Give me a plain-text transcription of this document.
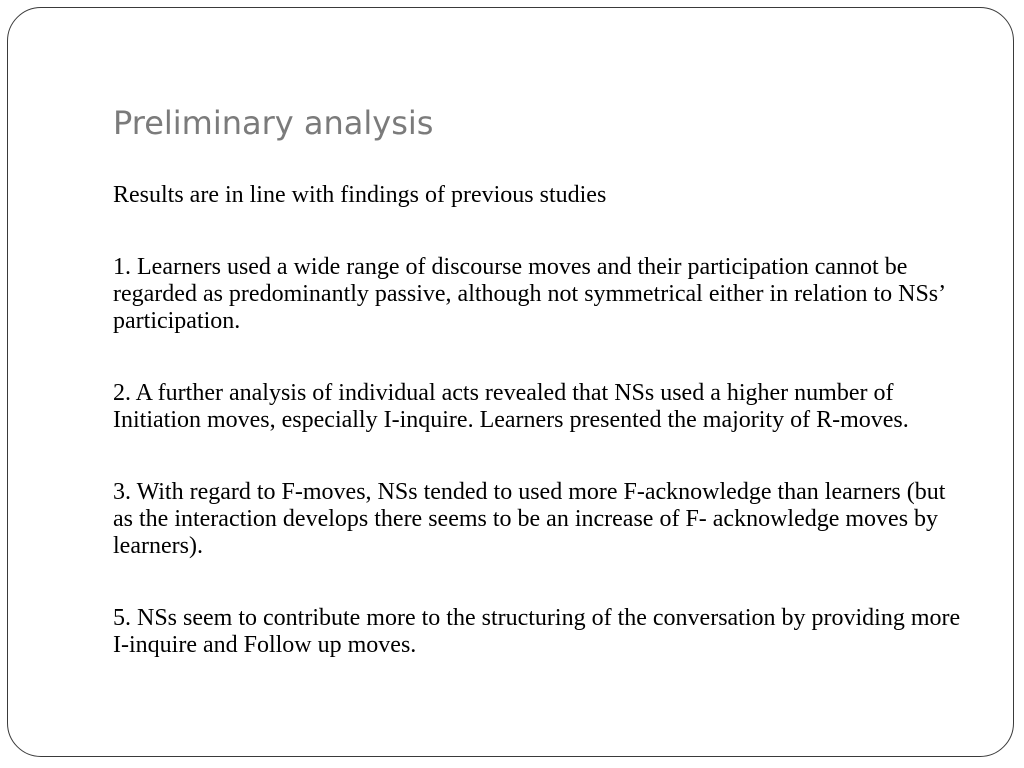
Preliminary analysis

Results are in line with findings of previous studies

1. Learners used a wide range of discourse moves and their participation cannot be regarded as predominantly passive, although not symmetrical either in relation to NSs’ participation.

2. A further analysis of individual acts revealed that NSs used a higher number of Initiation moves, especially I-inquire. Learners presented the majority of R-moves.

3. With regard to F-moves, NSs tended to used more F-acknowledge than learners (but as the interaction develops there seems to be an increase of F- acknowledge moves by learners).

5. NSs seem to contribute more to the structuring of the conversation by providing more I-inquire and Follow up moves.
